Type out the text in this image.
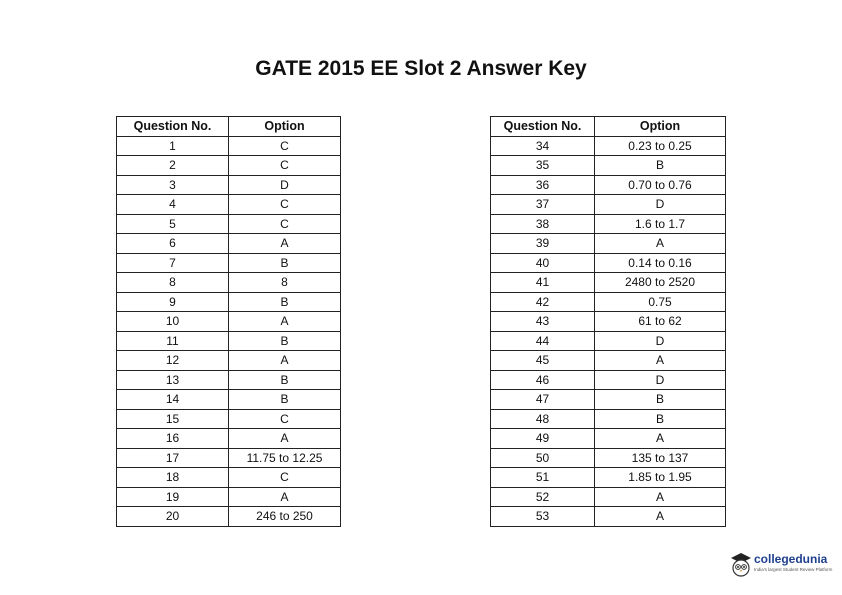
GATE 2015 EE Slot 2 Answer Key
Question No.	Option
1	C
2	C
3	D
4	C
5	C
6	A
7	B
8	8
9	B
10	A
11	B
12	A
13	B
14	B
15	C
16	A
17	11.75 to 12.25
18	C
19	A
20	246 to 250
Question No.	Option
34	0.23 to 0.25
35	B
36	0.70 to 0.76
37	D
38	1.6 to 1.7
39	A
40	0.14 to 0.16
41	2480 to 2520
42	0.75
43	61 to 62
44	D
45	A
46	D
47	B
48	B
49	A
50	135 to 137
51	1.85 to 1.95
52	A
53	A
collegedunia
India's largest Student Review Platform
